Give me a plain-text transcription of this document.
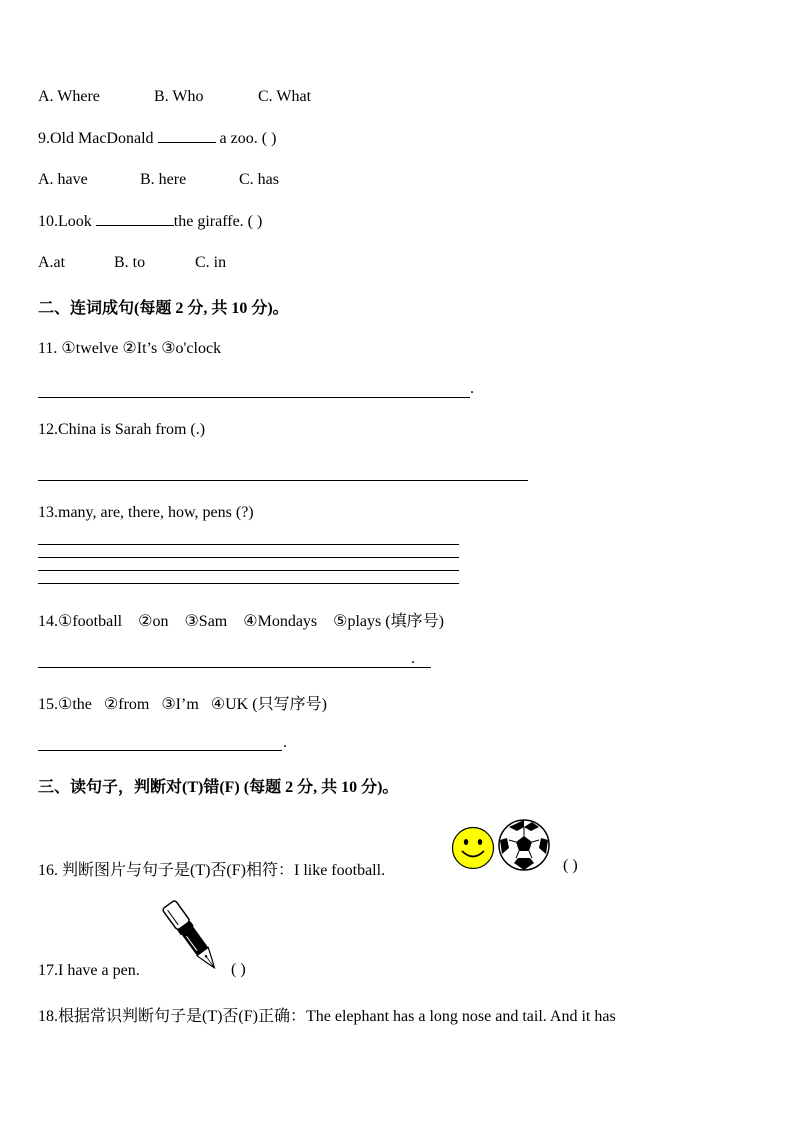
A. Where	B. Who	C. What
9.Old MacDonald	a zoo. ( )
A. have	B. here	C. has
10.Look	the giraffe. ( )
A.at	B. to	C. in
二、连词成句(每题 2 分, 共 10 分)。
11. ①twelve ②It’s ③o'clock
.
12.China is Sarah from (.)
13.many, are, there, how, pens (?)
14.①football    ②on    ③Sam    ④Mondays    ⑤plays (填序号)
.
15.①the   ②from   ③I’m   ④UK (只写序号)
.
三、读句子，判断对(T)错(F) (每题 2 分, 共 10 分)。
16. 判断图片与句子是(T)否(F)相符：I like football.	( )
17.I have a pen.	( )
18.根据常识判断句子是(T)否(F)正确：The elephant has a long nose and tail. And it has
